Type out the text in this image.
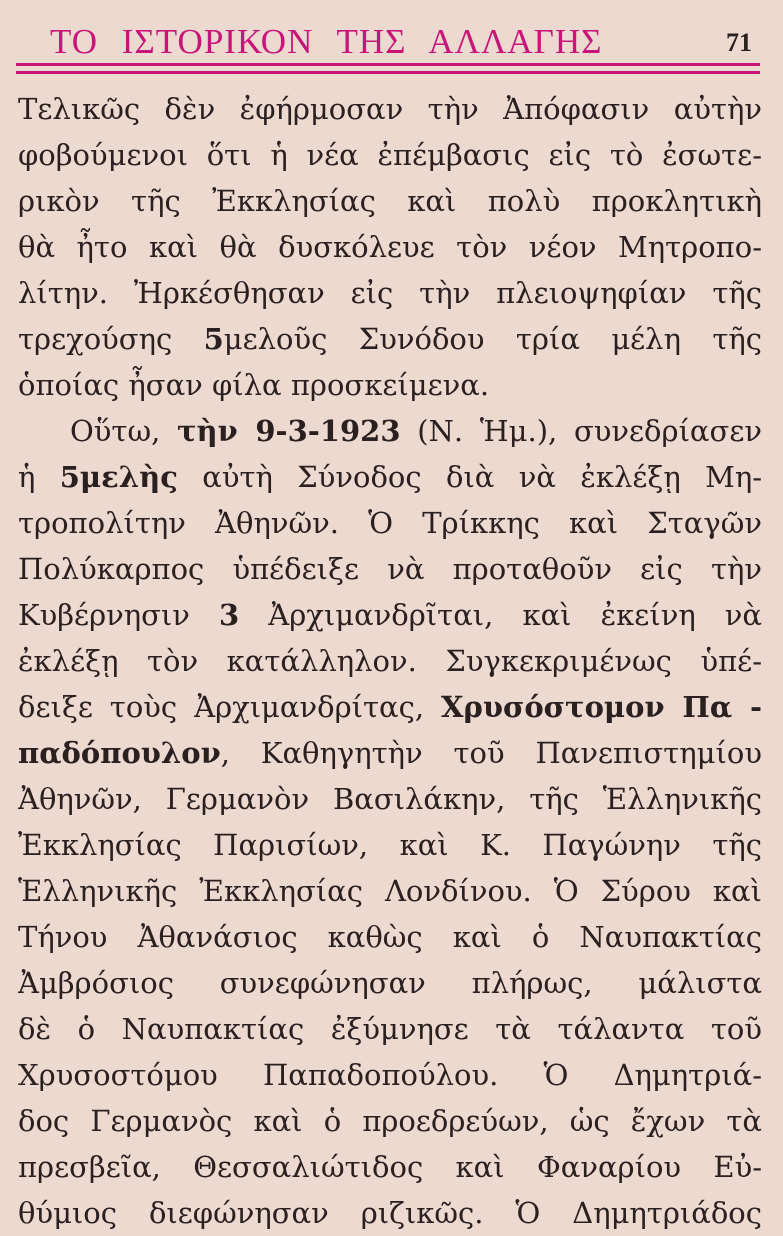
ΤΟ ΙΣΤΟΡΙΚΟΝ ΤΗΣ ΑΛΛΑΓΗΣ	71
Τελικῶς δὲν ἐφήρμοσαν τὴν Ἀπόφασιν αὐτὴν
φοβούμενοι ὅτι ἡ νέα ἐπέμβασις εἰς τὸ ἐσωτε-
ρικὸν τῆς Ἐκκλησίας καὶ πολὺ προκλητικὴ
θὰ ἦτο καὶ θὰ δυσκόλευε τὸν νέον Μητροπο-
λίτην. Ἠρκέσθησαν εἰς τὴν πλειοψηφίαν τῆς
τρεχούσης 5μελοῦς Συνόδου τρία μέλη τῆς
ὁποίας ἦσαν φίλα προσκείμενα.
Οὕτω, τὴν 9-3-1923 (Ν. Ἡμ.), συνεδρίασεν
ἡ 5μελὴς αὐτὴ Σύνοδος διὰ νὰ ἐκλέξῃ Μη-
τροπολίτην Ἀθηνῶν. Ὁ Τρίκκης καὶ Σταγῶν
Πολύκαρπος ὑπέδειξε νὰ προταθοῦν εἰς τὴν
Κυβέρνησιν 3 Ἀρχιμανδρῖται, καὶ ἐκείνη νὰ
ἐκλέξῃ τὸν κατάλληλον. Συγκεκριμένως ὑπέ-
δειξε τοὺς Ἀρχιμανδρίτας, Χρυσόστομον Πα -
παδόπουλον, Καθηγητὴν τοῦ Πανεπιστημίου
Ἀθηνῶν, Γερμανὸν Βασιλάκην, τῆς Ἑλληνικῆς
Ἐκκλησίας Παρισίων, καὶ Κ. Παγώνην τῆς
Ἑλληνικῆς Ἐκκλησίας Λονδίνου. Ὁ Σύρου καὶ
Τήνου Ἀθανάσιος καθὼς καὶ ὁ Ναυπακτίας
Ἀμβρόσιος συνεφώνησαν πλήρως, μάλιστα
δὲ ὁ Ναυπακτίας ἐξύμνησε τὰ τάλαντα τοῦ
Χρυσοστόμου Παπαδοπούλου. Ὁ Δημητριά-
δος Γερμανὸς καὶ ὁ προεδρεύων, ὡς ἔχων τὰ
πρεσβεῖα, Θεσσαλιώτιδος καὶ Φαναρίου Εὐ-
θύμιος διεφώνησαν ριζικῶς. Ὁ Δημητριάδος
